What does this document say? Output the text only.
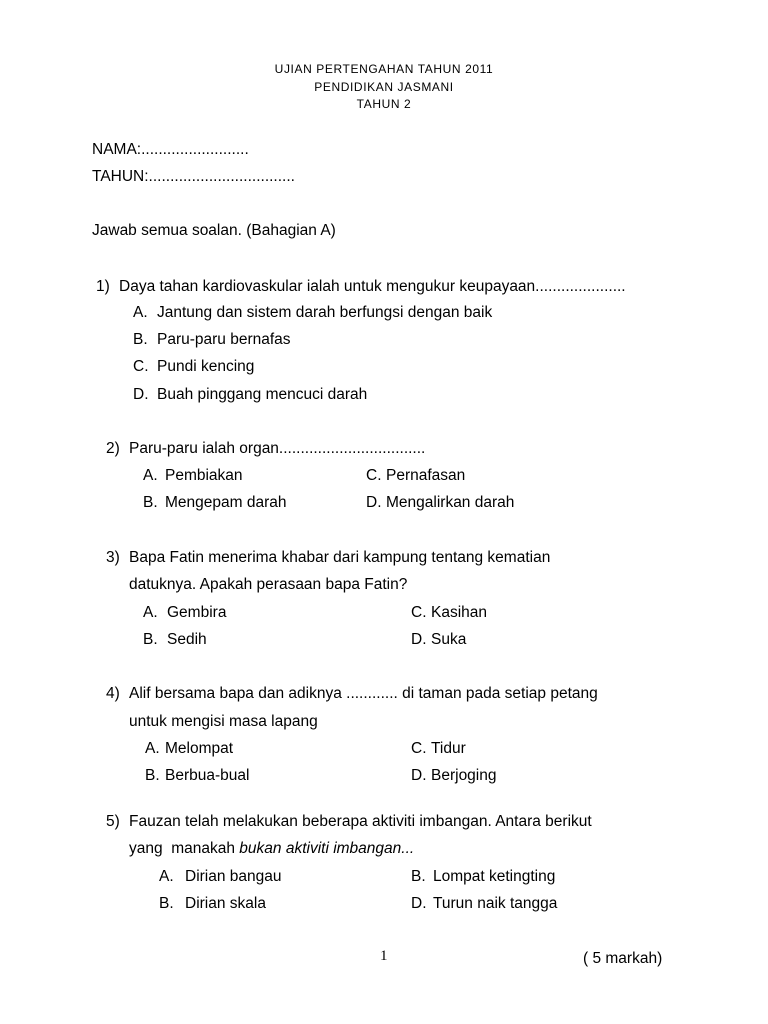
UJIAN PERTENGAHAN TAHUN 2011
PENDIDIKAN JASMANI
TAHUN 2
NAMA:.........................
TAHUN:..................................
Jawab semua soalan. (Bahagian A)
1) Daya tahan kardiovaskular ialah untuk mengukur keupayaan.....................
A. Jantung dan sistem darah berfungsi dengan baik
B. Paru-paru bernafas
C. Pundi kencing
D. Buah pinggang mencuci darah
2) Paru-paru ialah organ..................................
A. Pembiakan	C. Pernafasan
B. Mengepam darah	D. Mengalirkan darah
3) Bapa Fatin menerima khabar dari kampung tentang kematian
datuknya. Apakah perasaan bapa Fatin?
A. Gembira	C. Kasihan
B. Sedih	D. Suka
4) Alif bersama bapa dan adiknya ............ di taman pada setiap petang
untuk mengisi masa lapang
A. Melompat	C. Tidur
B. Berbua-bual	D. Berjoging
5) Fauzan telah melakukan beberapa aktiviti imbangan. Antara berikut
yang  manakah bukan aktiviti imbangan...
A. Dirian bangau	B. Lompat ketingting
B. Dirian skala	D. Turun naik tangga
1	( 5 markah)
